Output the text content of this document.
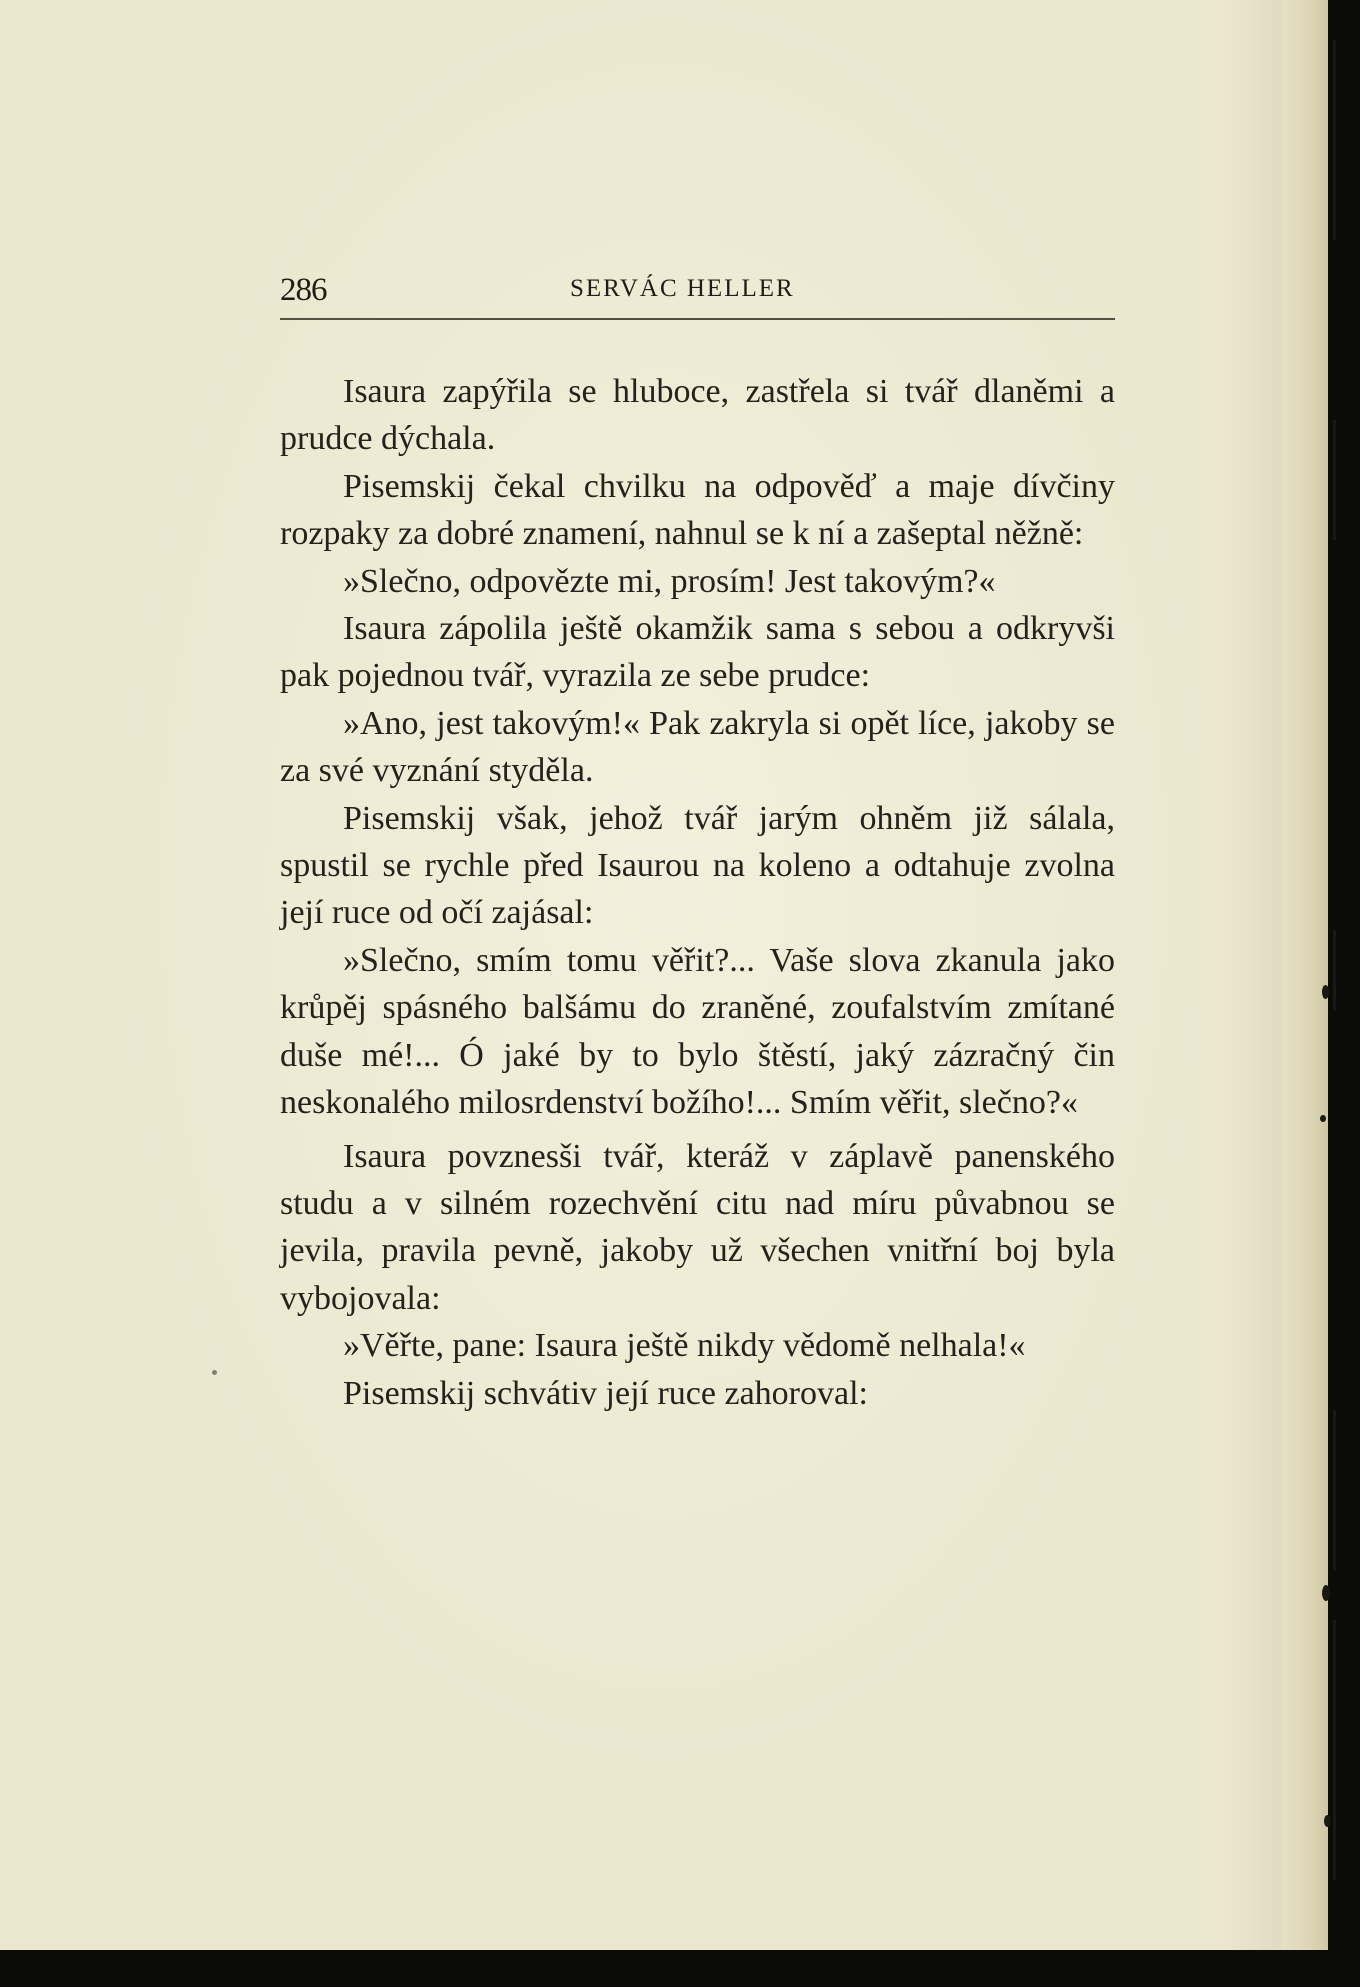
286	SERVÁC HELLER

Isaura zapýřila se hluboce, zastřela si tvář dlaněmi a prudce dýchala.

Pisemskij čekal chvilku na odpověď a maje dívčiny rozpaky za dobré znamení, nahnul se k ní a zašeptal něžně:

»Slečno, odpovězte mi, prosím! Jest takovým?«

Isaura zápolila ještě okamžik sama s sebou a odkryvši pak pojednou tvář, vyrazila ze sebe prudce:

»Ano, jest takovým!« Pak zakryla si opět líce, jakoby se za své vyznání styděla.

Pisemskij však, jehož tvář jarým ohněm již sálala, spustil se rychle před Isaurou na koleno a odtahuje zvolna její ruce od očí zajásal:

»Slečno, smím tomu věřit?... Vaše slova zkanula jako krůpěj spásného balšámu do zraněné, zoufalstvím zmítané duše mé!... Ó jaké by to bylo štěstí, jaký zázračný čin neskonalého milosrdenství božího!... Smím věřit, slečno?«

Isaura povznesši tvář, kteráž v záplavě panenského studu a v silném rozechvění citu nad míru půvabnou se jevila, pravila pevně, jakoby už všechen vnitřní boj byla vybojovala:

»Věřte, pane: Isaura ještě nikdy vědomě nelhala!«

Pisemskij schvátiv její ruce zahoroval:
